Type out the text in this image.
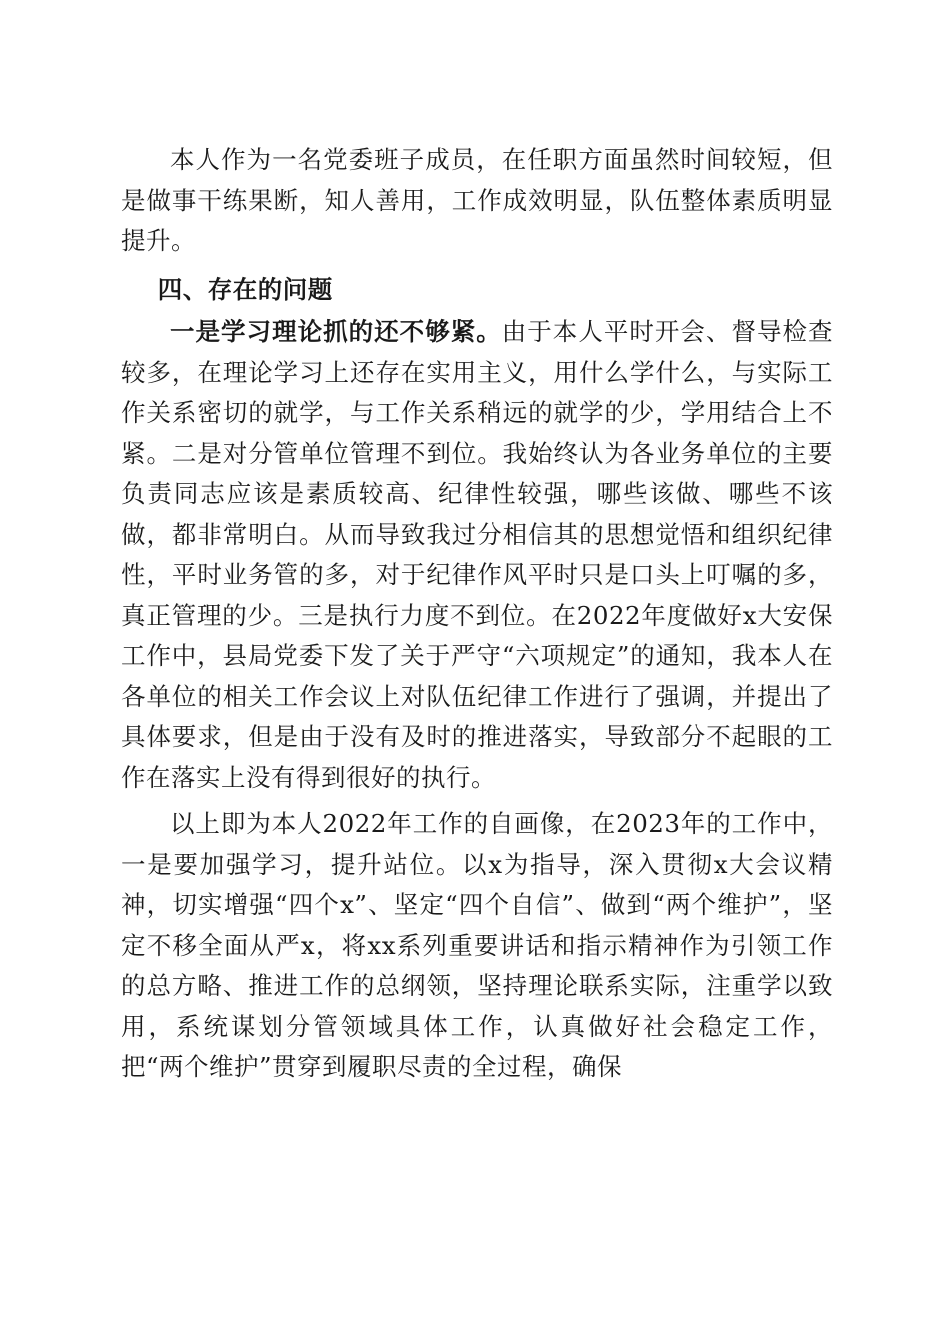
本人作为一名党委班子成员，在任职方面虽然时间较短，但是做事干练果断，知人善用，工作成效明显，队伍整体素质明显提升。

四、存在的问题

一是学习理论抓的还不够紧。由于本人平时开会、督导检查较多，在理论学习上还存在实用主义，用什么学什么，与实际工作关系密切的就学，与工作关系稍远的就学的少，学用结合上不紧。二是对分管单位管理不到位。我始终认为各业务单位的主要负责同志应该是素质较高、纪律性较强，哪些该做、哪些不该做，都非常明白。从而导致我过分相信其的思想觉悟和组织纪律性，平时业务管的多，对于纪律作风平时只是口头上叮嘱的多，真正管理的少。三是执行力度不到位。在2022年度做好x大安保工作中，县局党委下发了关于严守“六项规定”的通知，我本人在各单位的相关工作会议上对队伍纪律工作进行了强调，并提出了具体要求，但是由于没有及时的推进落实，导致部分不起眼的工作在落实上没有得到很好的执行。

以上即为本人2022年工作的自画像，在2023年的工作中，一是要加强学习，提升站位。以x为指导，深入贯彻x大会议精神，切实增强“四个x”、坚定“四个自信”、做到“两个维护”，坚定不移全面从严x，将xx系列重要讲话和指示精神作为引领工作的总方略、推进工作的总纲领，坚持理论联系实际，注重学以致用，系统谋划分管领域具体工作，认真做好社会稳定工作，把“两个维护”贯穿到履职尽责的全过程，确保
